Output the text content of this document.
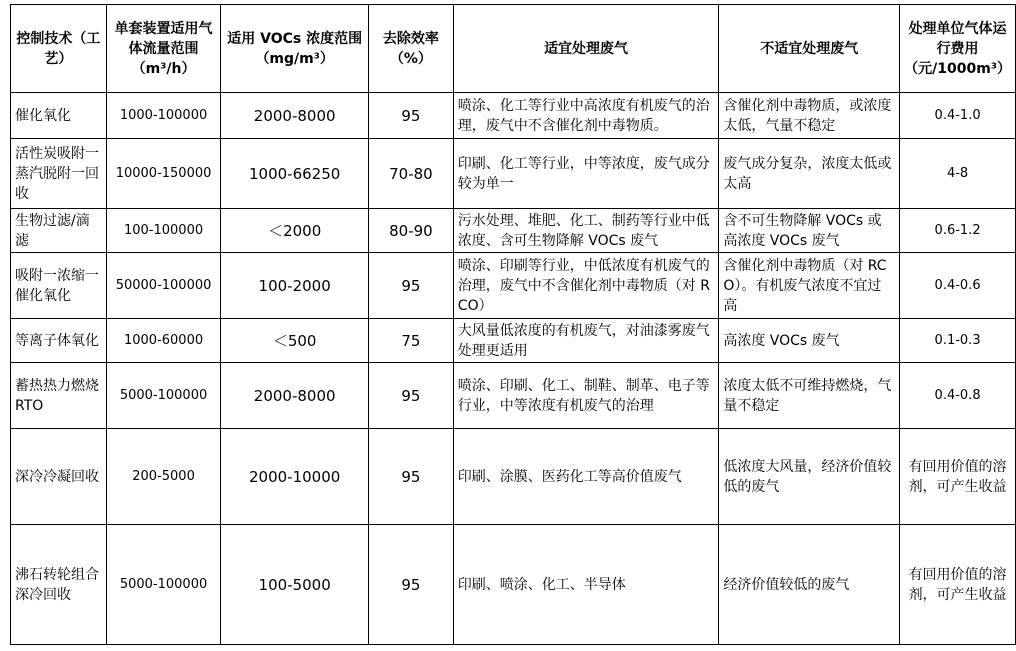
控制技术（工艺）	单套装置适用气体流量范围（m³/h）	适用 VOCs 浓度范围（mg/m³）	去除效率（%）	适宜处理废气	不适宜处理废气	处理单位气体运行费用（元/1000m³）
催化氧化	1000-100000	2000-8000	95	喷涂、化工等行业中高浓度有机废气的治理，废气中不含催化剂中毒物质。	含催化剂中毒物质，或浓度太低，气量不稳定	0.4-1.0
活性炭吸附一蒸汽脱附一回收	10000-150000	1000-66250	70-80	印刷、化工等行业，中等浓度，废气成分较为单一	废气成分复杂，浓度太低或太高	4-8
生物过滤/滴滤	100-100000	＜2000	80-90	污水处理、堆肥、化工、制药等行业中低浓度、含可生物降解 VOCs 废气	含不可生物降解 VOCs 或高浓度 VOCs 废气	0.6-1.2
吸附一浓缩一催化氧化	50000-100000	100-2000	95	喷涂、印刷等行业，中低浓度有机废气的治理，废气中不含催化剂中毒物质（对 RCO）	含催化剂中毒物质（对 RCO）。有机废气浓度不宜过高	0.4-0.6
等离子体氧化	1000-60000	＜500	75	大风量低浓度的有机废气，对油漆雾废气处理更适用	高浓度 VOCs 废气	0.1-0.3
蓄热热力燃烧 RTO	5000-100000	2000-8000	95	喷涂、印刷、化工、制鞋、制革、电子等行业，中等浓度有机废气的治理	浓度太低不可维持燃烧，气量不稳定	0.4-0.8
深冷冷凝回收	200-5000	2000-10000	95	印刷、涂膜、医药化工等高价值废气	低浓度大风量，经济价值较低的废气	有回用价值的溶剂，可产生收益
沸石转轮组合深冷回收	5000-100000	100-5000	95	印刷、喷涂、化工、半导体	经济价值较低的废气	有回用价值的溶剂，可产生收益
